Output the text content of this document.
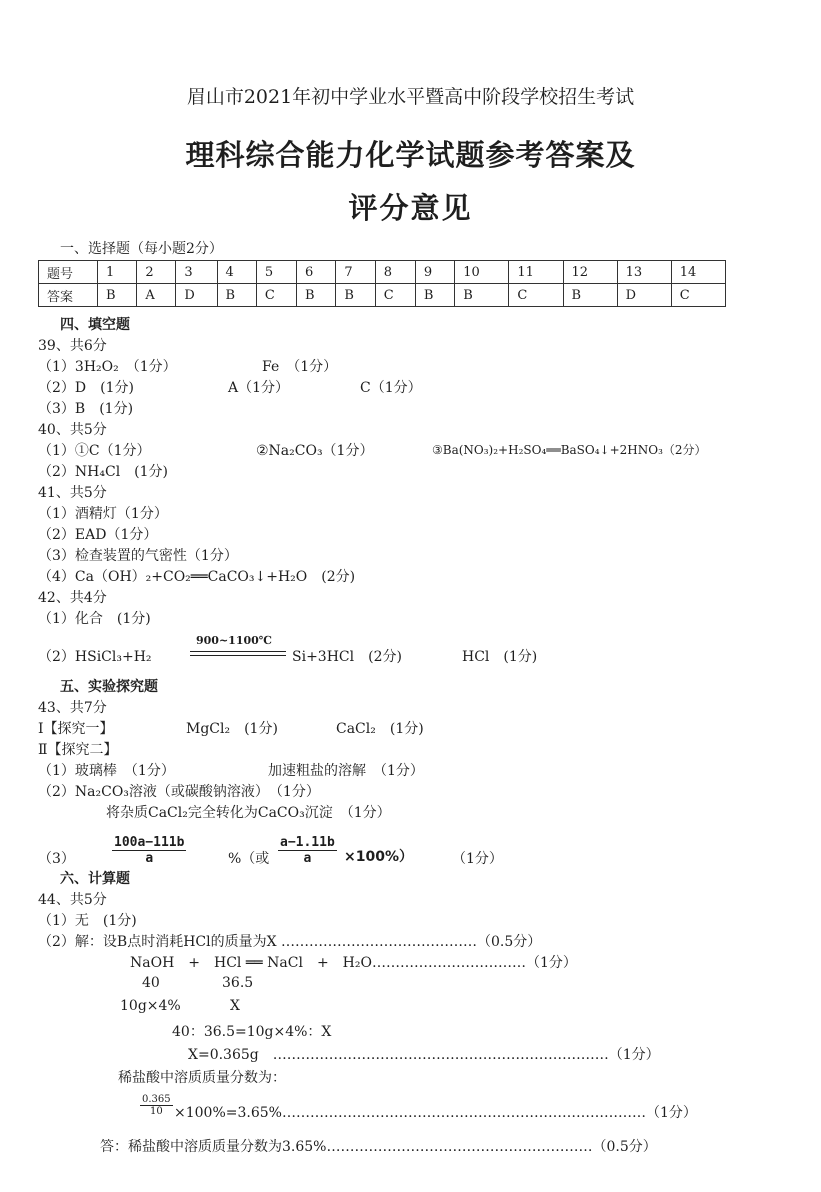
眉山市2021年初中学业水平暨高中阶段学校招生考试
理科综合能力化学试题参考答案及
评分意见
一、选择题（每小题2分）
题号	1	2	3	4	5	6	7	8	9	10	11	12	13	14
答案	B	A	D	B	C	B	B	C	B	B	C	B	D	C
四、填空题
39、共6分
（1）3H₂O₂　（1分）	Fe　（1分）
（2）D　(1分)	A（1分）	C（1分）
（3）B　(1分)
40、共5分
（1）①C（1分）	②Na₂CO₃（1分）	③Ba(NO₃)₂+H₂SO₄══BaSO₄↓+2HNO₃（2分）
（2）NH₄Cl　(1分)
41、共5分
（1）酒精灯（1分）
（2）EAD（1分）
（3）检查装置的气密性（1分）
（4）Ca（OH）₂+CO₂══CaCO₃↓+H₂O　(2分)
42、共4分
（1）化合　(1分)
（2）HSiCl₃+H₂
900~1100℃
Si+3HCl　(2分)	HCl　(1分)
五、实验探究题
43、共7分
Ⅰ【探究一】	MgCl₂　(1分)	CaCl₂　(1分)
Ⅱ【探究二】
（1）玻璃棒　（1分）	加速粗盐的溶解　（1分）
（2）Na₂CO₃溶液（或碳酸钠溶液）　（1分）
将杂质CaCl₂完全转化为CaCO₃沉淀　（1分）
（3）	$\frac{100a-111b}{a}$	%（或 $\frac{a-1.11b}{a} \times 100\%$）	（1分）
六、计算题
44、共5分
（1）无　(1分)
（2）解：设B点时消耗HCl的质量为X ……………………………………（0.5分）
NaOH　+　HCl ══ NaCl　+　H₂O……………………………（1分）
40	36.5
10g×4%	X
40：36.5=10g×4%：X
X=0.365g　………………………………………………………………（1分）
稀盐酸中溶质质量分数为：
$\frac{0.365}{10}$ ×100%=3.65%……………………………………………………………………（1分）
答：稀盐酸中溶质质量分数为3.65%…………………………………………………（0.5分）
